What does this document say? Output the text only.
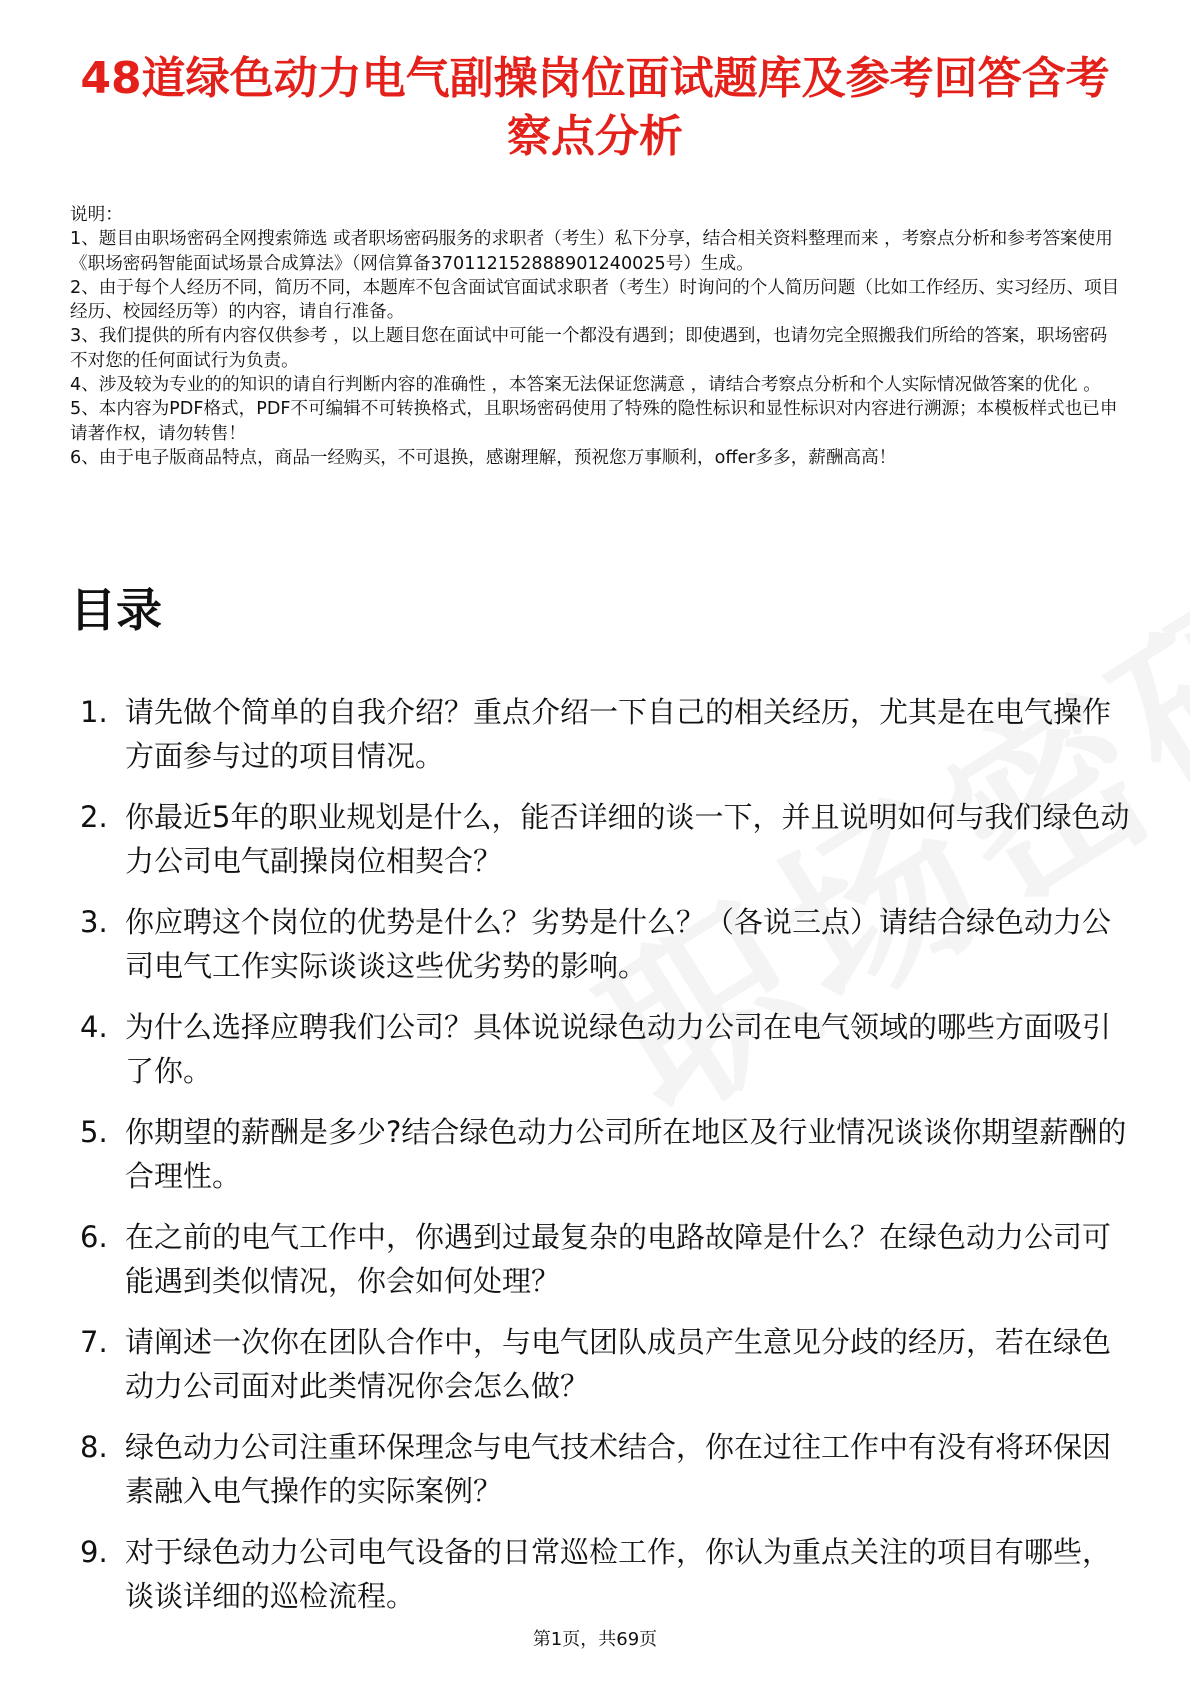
48道绿色动力电气副操岗位面试题库及参考回答含考察点分析

说明：

1、题目由职场密码全网搜索筛选 或者职场密码服务的求职者（考生）私下分享，结合相关资料整理而来 ，考察点分析和参考答案使用《职场密码智能面试场景合成算法》（网信算备370112152888901240025号）生成。

2、由于每个人经历不同，简历不同，本题库不包含面试官面试求职者（考生）时询问的个人简历问题（比如工作经历、实习经历、项目经历、校园经历等）的内容，请自行准备。

3、我们提供的所有内容仅供参考 ，以上题目您在面试中可能一个都没有遇到；即使遇到，也请勿完全照搬我们所给的答案，职场密码不对您的任何面试行为负责。

4、涉及较为专业的的知识的请自行判断内容的准确性 ，本答案无法保证您满意 ，请结合考察点分析和个人实际情况做答案的优化 。

5、本内容为PDF格式，PDF不可编辑不可转换格式，且职场密码使用了特殊的隐性标识和显性标识对内容进行溯源；本模板样式也已申请著作权，请勿转售！

6、由于电子版商品特点，商品一经购买，不可退换，感谢理解，预祝您万事顺利，offer多多，薪酬高高！

目录
1. 请先做个简单的自我介绍？重点介绍一下自己的相关经历，尤其是在电气操作方面参与过的项目情况。
2. 你最近5年的职业规划是什么，能否详细的谈一下，并且说明如何与我们绿色动力公司电气副操岗位相契合？
3. 你应聘这个岗位的优势是什么？劣势是什么？（各说三点）请结合绿色动力公司电气工作实际谈谈这些优劣势的影响。
4. 为什么选择应聘我们公司？具体说说绿色动力公司在电气领域的哪些方面吸引了你。
5. 你期望的薪酬是多少?结合绿色动力公司所在地区及行业情况谈谈你期望薪酬的合理性。
6. 在之前的电气工作中，你遇到过最复杂的电路故障是什么？在绿色动力公司可能遇到类似情况，你会如何处理？
7. 请阐述一次你在团队合作中，与电气团队成员产生意见分歧的经历，若在绿色动力公司面对此类情况你会怎么做？
8. 绿色动力公司注重环保理念与电气技术结合，你在过往工作中有没有将环保因素融入电气操作的实际案例？
9. 对于绿色动力公司电气设备的日常巡检工作，你认为重点关注的项目有哪些，谈谈详细的巡检流程。
第1页，共69页
